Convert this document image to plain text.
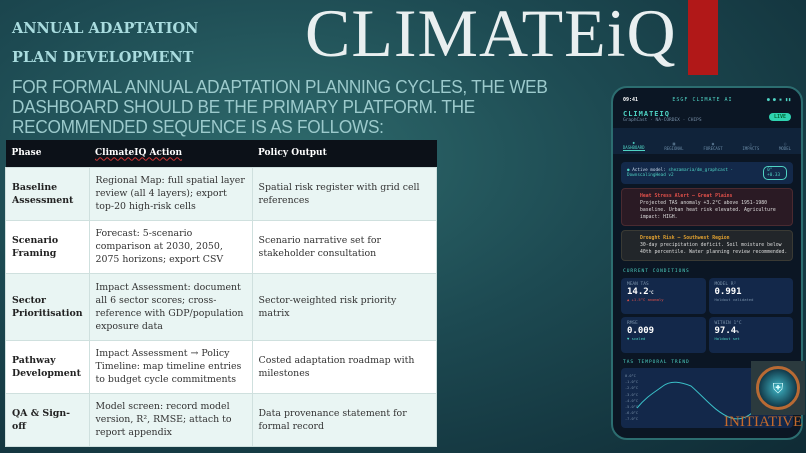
CLIMATEiQ
ANNUAL ADAPTATION
PLAN DEVELOPMENT
FOR FORMAL ANNUAL ADAPTATION PLANNING CYCLES, THE WEB DASHBOARD SHOULD BE THE PRIMARY PLATFORM. THE RECOMMENDED SEQUENCE IS AS FOLLOWS:
Phase	ClimateIQ Action	Policy Output
Baseline Assessment	Regional Map: full spatial layer review (all 4 layers); export top-20 high-risk cells	Spatial risk register with grid cell references
Scenario Framing	Forecast: 5-scenario comparison at 2030, 2050, 2075 horizons; export CSV	Scenario narrative set for stakeholder consultation
Sector Prioritisation	Impact Assessment: document all 6 sector scores; cross-reference with GDP/population exposure data	Sector-weighted risk priority matrix
Pathway Development	Impact Assessment → Policy Timeline: map timeline entries to budget cycle commitments	Costed adaptation roadmap with milestones
QA & Sign-off	Model screen: record model version, R², RMSE; attach to report appendix	Data provenance statement for formal record
09:41	ESGF CLIMATE AI	● ● ▪ ▮▮
CLIMATEIQ
GraphCast · NA-CORDEX · CHIPS
LIVE
◆
DASHBOARD
▦
REGIONAL
◉
FORECAST
△
IMPACTS
○
MODEL
● Active model: shezamaria/dm_graphcast · DownscalingHead v2
0°+0.33
Heat Stress Alert — Great Plains
Projected TAS anomaly +3.2°C above 1951-1980 baseline. Urban heat risk elevated. Agriculture impact: HIGH.
Drought Risk — Southwest Region
30-day precipitation deficit. Soil moisture below 40th percentile. Water planning review recommended.
CURRENT CONDITIONS
MEAN TAS
14.2°C
▲ +1.5°C anomaly
MODEL R²
0.991
Holdout validated
RMSE
0.009
▼ scaled
WITHIN 1°C
97.4%
Holdout set
TAS TEMPORAL TREND
0.0°C
-1.0°C
-2.0°C
-3.0°C
-4.0°C
-5.0°C
-6.0°C
-7.0°C
⛨
INITIATIVE
